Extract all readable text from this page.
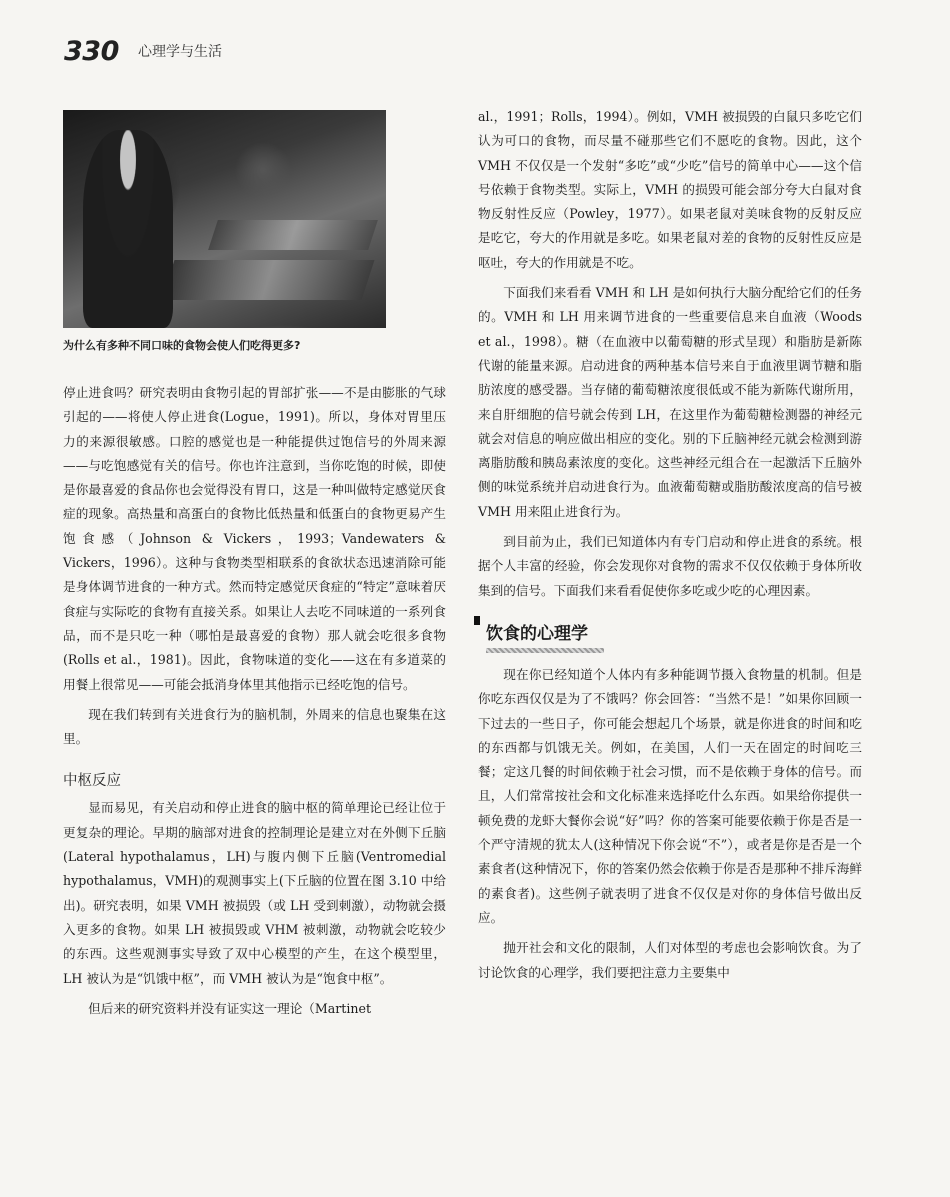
330 心理学与生活
为什么有多种不同口味的食物会使人们吃得更多?

停止进食吗？研究表明由食物引起的胃部扩张——不是由膨胀的气球引起的——将使人停止进食(Logue，1991)。所以，身体对胃里压力的来源很敏感。口腔的感觉也是一种能提供过饱信号的外周来源——与吃饱感觉有关的信号。你也许注意到，当你吃饱的时候，即使是你最喜爱的食品你也会觉得没有胃口，这是一种叫做特定感觉厌食症的现象。高热量和高蛋白的食物比低热量和低蛋白的食物更易产生饱食感（Johnson & Vickers，1993；Vandewaters & Vickers，1996）。这种与食物类型相联系的食欲状态迅速消除可能是身体调节进食的一种方式。然而特定感觉厌食症的“特定”意味着厌食症与实际吃的食物有直接关系。如果让人去吃不同味道的一系列食品，而不是只吃一种（哪怕是最喜爱的食物）那人就会吃很多食物(Rolls et al.，1981)。因此，食物味道的变化——这在有多道菜的用餐上很常见——可能会抵消身体里其他指示已经吃饱的信号。

现在我们转到有关进食行为的脑机制，外周来的信息也聚集在这里。

中枢反应

显而易见，有关启动和停止进食的脑中枢的简单理论已经让位于更复杂的理论。早期的脑部对进食的控制理论是建立对在外侧下丘脑(Lateral hypothalamus，LH)与腹内侧下丘脑(Ventromedial hypothalamus，VMH)的观测事实上(下丘脑的位置在图 3.10 中给出)。研究表明，如果 VMH 被损毁（或 LH 受到刺激），动物就会摄入更多的食物。如果 LH 被损毁或 VHM 被刺激，动物就会吃较少的东西。这些观测事实导致了双中心模型的产生，在这个模型里，LH 被认为是“饥饿中枢”，而 VMH 被认为是“饱食中枢”。

但后来的研究资料并没有证实这一理论（Martinet

al.，1991；Rolls，1994）。例如，VMH 被损毁的白鼠只多吃它们认为可口的食物，而尽量不碰那些它们不愿吃的食物。因此，这个 VMH 不仅仅是一个发射“多吃”或“少吃”信号的简单中心——这个信号依赖于食物类型。实际上，VMH 的损毁可能会部分夸大白鼠对食物反射性反应（Powley，1977）。如果老鼠对美味食物的反射反应是吃它，夸大的作用就是多吃。如果老鼠对差的食物的反射性反应是呕吐，夸大的作用就是不吃。

下面我们来看看 VMH 和 LH 是如何执行大脑分配给它们的任务的。VMH 和 LH 用来调节进食的一些重要信息来自血液（Woods et al.，1998）。糖（在血液中以葡萄糖的形式呈现）和脂肪是新陈代谢的能量来源。启动进食的两种基本信号来自于血液里调节糖和脂肪浓度的感受器。当存储的葡萄糖浓度很低或不能为新陈代谢所用，来自肝细胞的信号就会传到 LH，在这里作为葡萄糖检测器的神经元就会对信息的响应做出相应的变化。别的下丘脑神经元就会检测到游离脂肪酸和胰岛素浓度的变化。这些神经元组合在一起激活下丘脑外侧的味觉系统并启动进食行为。血液葡萄糖或脂肪酸浓度高的信号被 VMH 用来阻止进食行为。

到目前为止，我们已知道体内有专门启动和停止进食的系统。根据个人丰富的经验，你会发现你对食物的需求不仅仅依赖于身体所收集到的信号。下面我们来看看促使你多吃或少吃的心理因素。

饮食的心理学

现在你已经知道个人体内有多种能调节摄入食物量的机制。但是你吃东西仅仅是为了不饿吗？你会回答：“当然不是！”如果你回顾一下过去的一些日子，你可能会想起几个场景，就是你进食的时间和吃的东西都与饥饿无关。例如，在美国，人们一天在固定的时间吃三餐；定这几餐的时间依赖于社会习惯，而不是依赖于身体的信号。而且，人们常常按社会和文化标准来选择吃什么东西。如果给你提供一顿免费的龙虾大餐你会说“好”吗？你的答案可能要依赖于你是否是一个严守清规的犹太人(这种情况下你会说“不”），或者是你是否是一个素食者(这种情况下，你的答案仍然会依赖于你是否是那种不排斥海鲜的素食者)。这些例子就表明了进食不仅仅是对你的身体信号做出反应。

抛开社会和文化的限制，人们对体型的考虑也会影响饮食。为了讨论饮食的心理学，我们要把注意力主要集中
